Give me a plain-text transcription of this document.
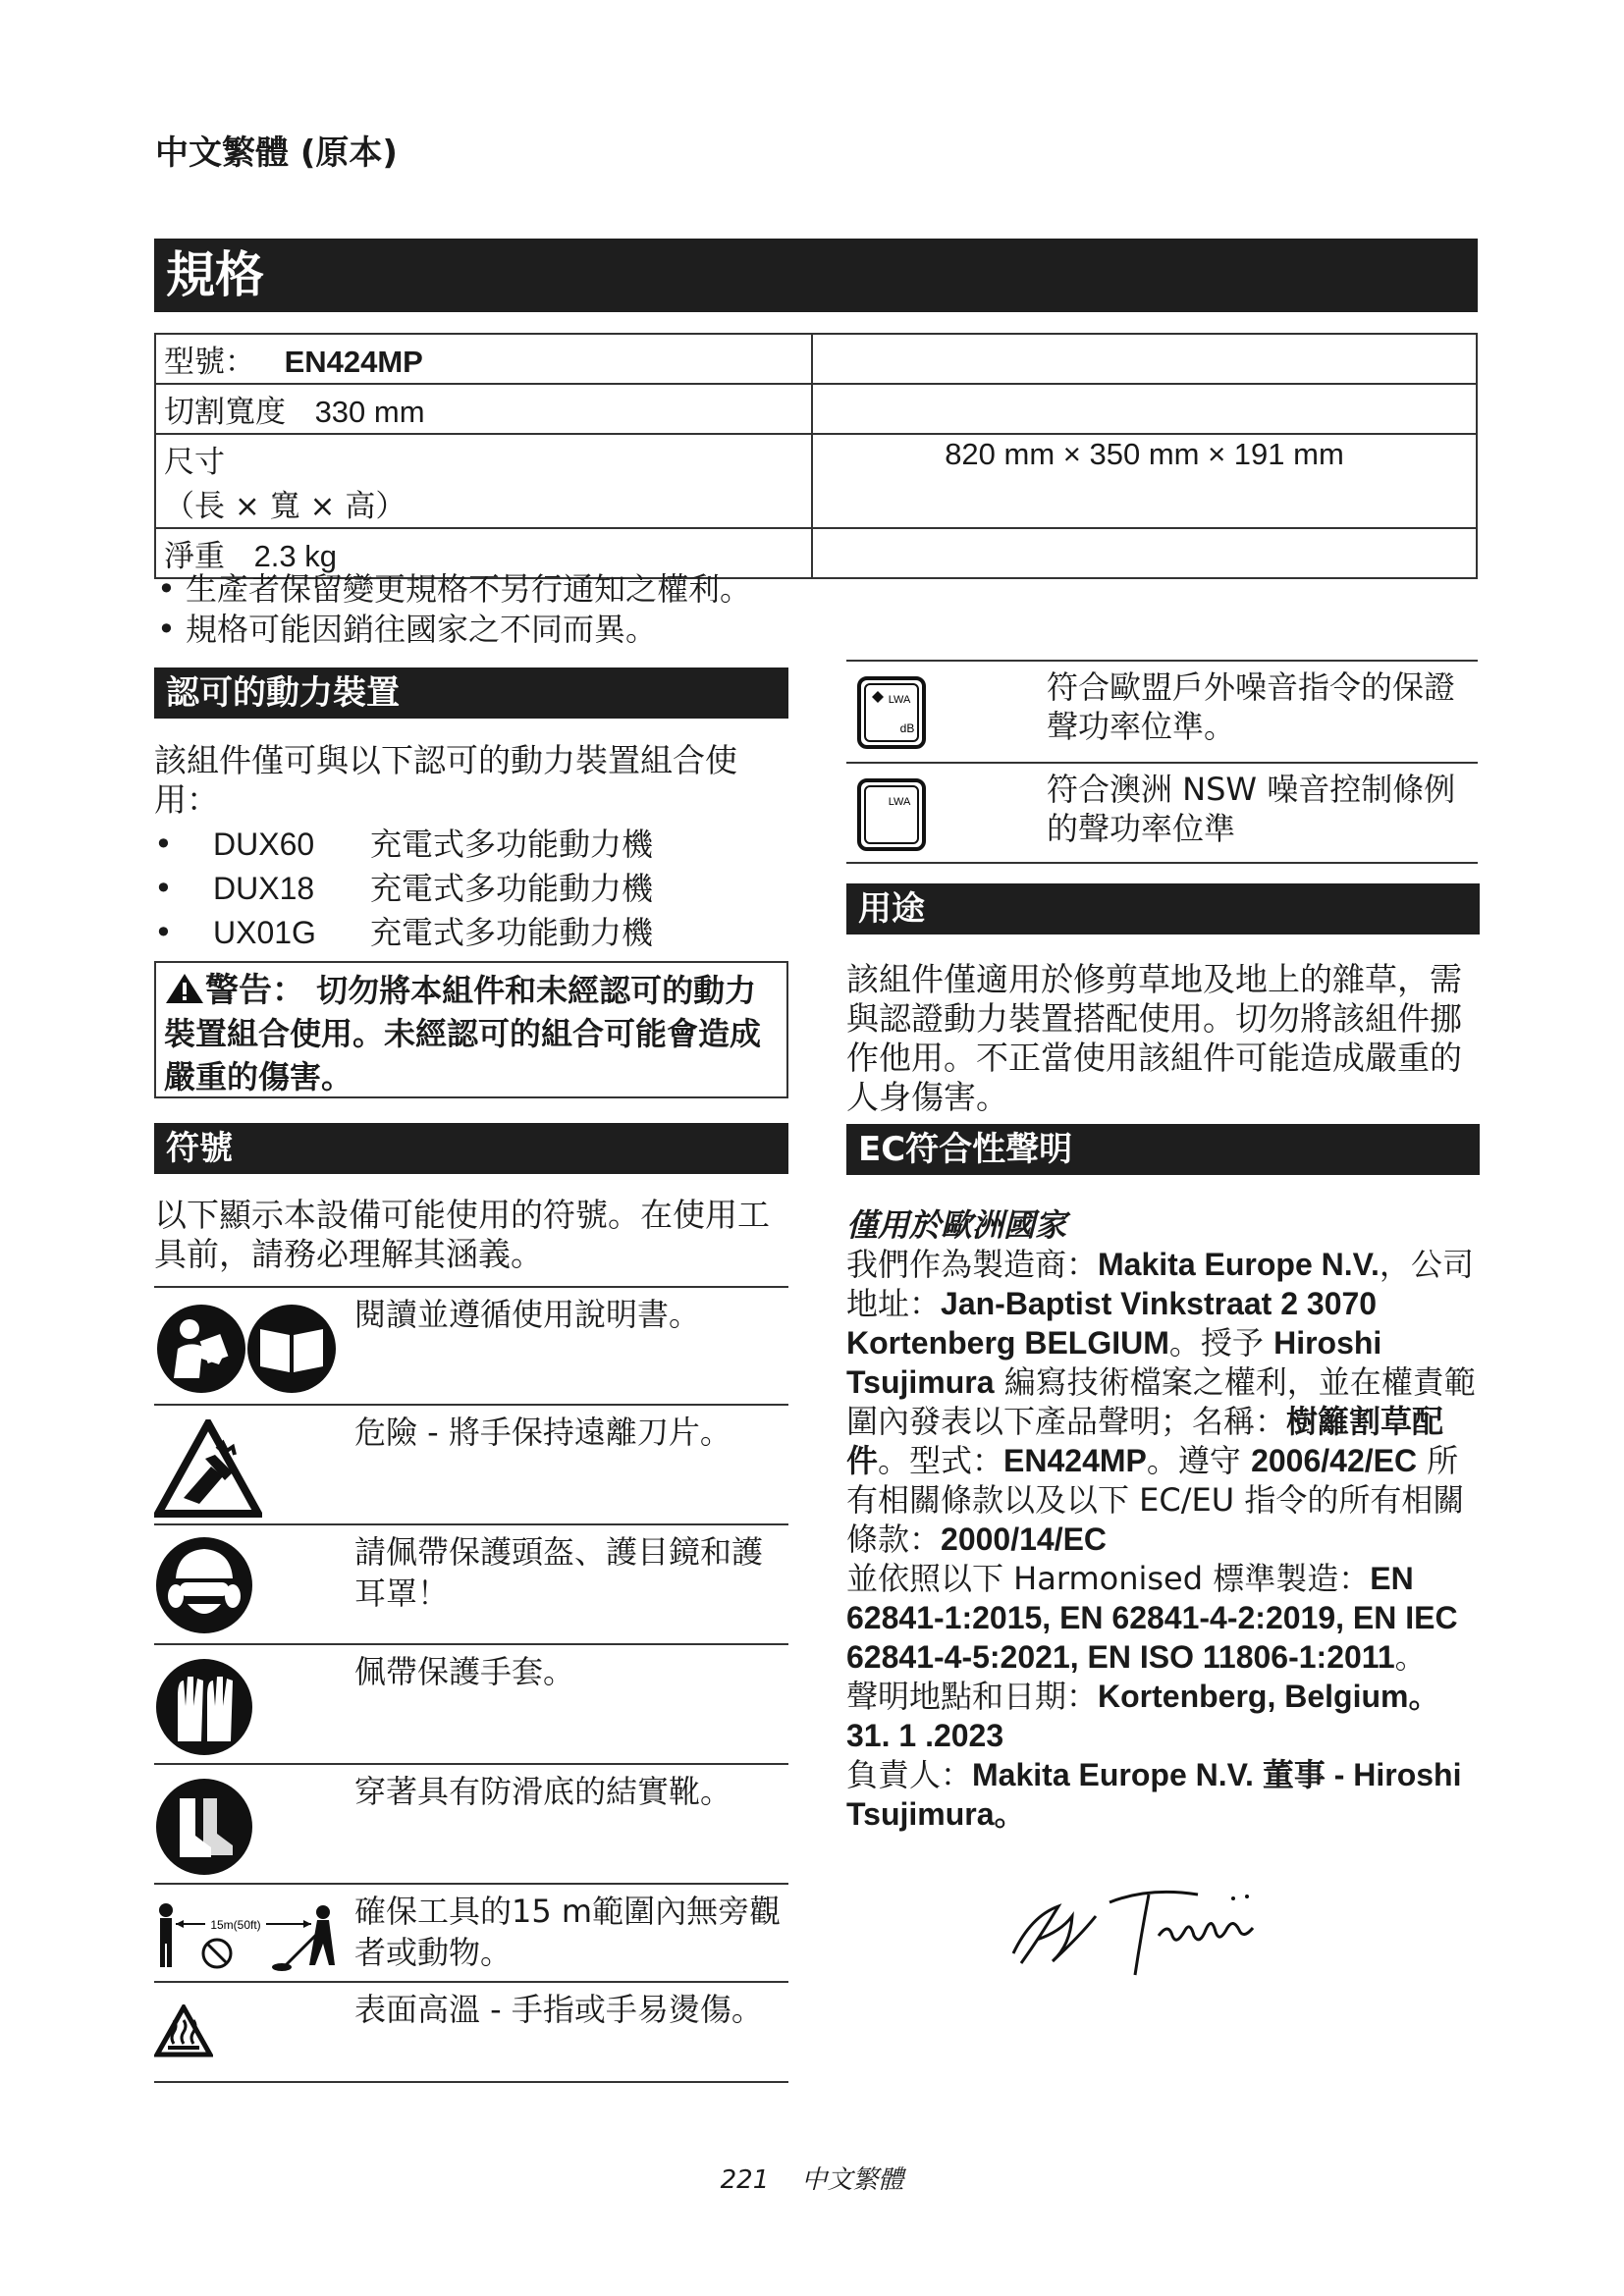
中文繁體 (原本)
規格
型號： EN424MP	
切割寬度 330 mm	

尺寸
（長 × 寬 × 高）	820 mm × 350 mm × 191 mm
淨重 2.3 kg	
• 生產者保留變更規格不另行通知之權利。
• 規格可能因銷往國家之不同而異。
認可的動力裝置
該組件僅可與以下認可的動力裝置組合使用：
•	DUX60	充電式多功能動力機
•	DUX18	充電式多功能動力機
•	UX01G	充電式多功能動力機
警告： 切勿將本組件和未經認可的動力裝置組合使用。未經認可的組合可能會造成嚴重的傷害。
符號
以下顯示本設備可能使用的符號。在使用工具前，請務必理解其涵義。
閱讀並遵循使用說明書。
危險 - 將手保持遠離刀片。
請佩帶保護頭盔、護目鏡和護耳罩！
佩帶保護手套。
穿著具有防滑底的結實靴。
15m(50ft)	確保工具的15 m範圍內無旁觀者或動物。
表面高溫 - 手指或手易燙傷。
LWA
dB
符合歐盟戶外噪音指令的保證聲功率位準。
LWA	符合澳洲 NSW 噪音控制條例的聲功率位準
用途
該組件僅適用於修剪草地及地上的雜草，需與認證動力裝置搭配使用。切勿將該組件挪作他用。不正當使用該組件可能造成嚴重的人身傷害。
EC符合性聲明
僅用於歐洲國家
我們作為製造商：Makita Europe N.V.，公司地址：Jan-Baptist Vinkstraat 2 3070 Kortenberg BELGIUM。授予 Hiroshi Tsujimura 編寫技術檔案之權利，並在權責範圍內發表以下產品聲明；名稱：樹籬割草配件。型式：EN424MP。遵守 2006/42/EC 所有相關條款以及以下 EC/EU 指令的所有相關條款：2000/14/EC
並依照以下 Harmonised 標準製造：EN 62841-1:2015, EN 62841-4-2:2019, EN IEC 62841-4-5:2021, EN ISO 11806-1:2011。
聲明地點和日期：Kortenberg, Belgium。31. 1 .2023
負責人：Makita Europe N.V. 董事 - Hiroshi Tsujimura。
221 中文繁體
